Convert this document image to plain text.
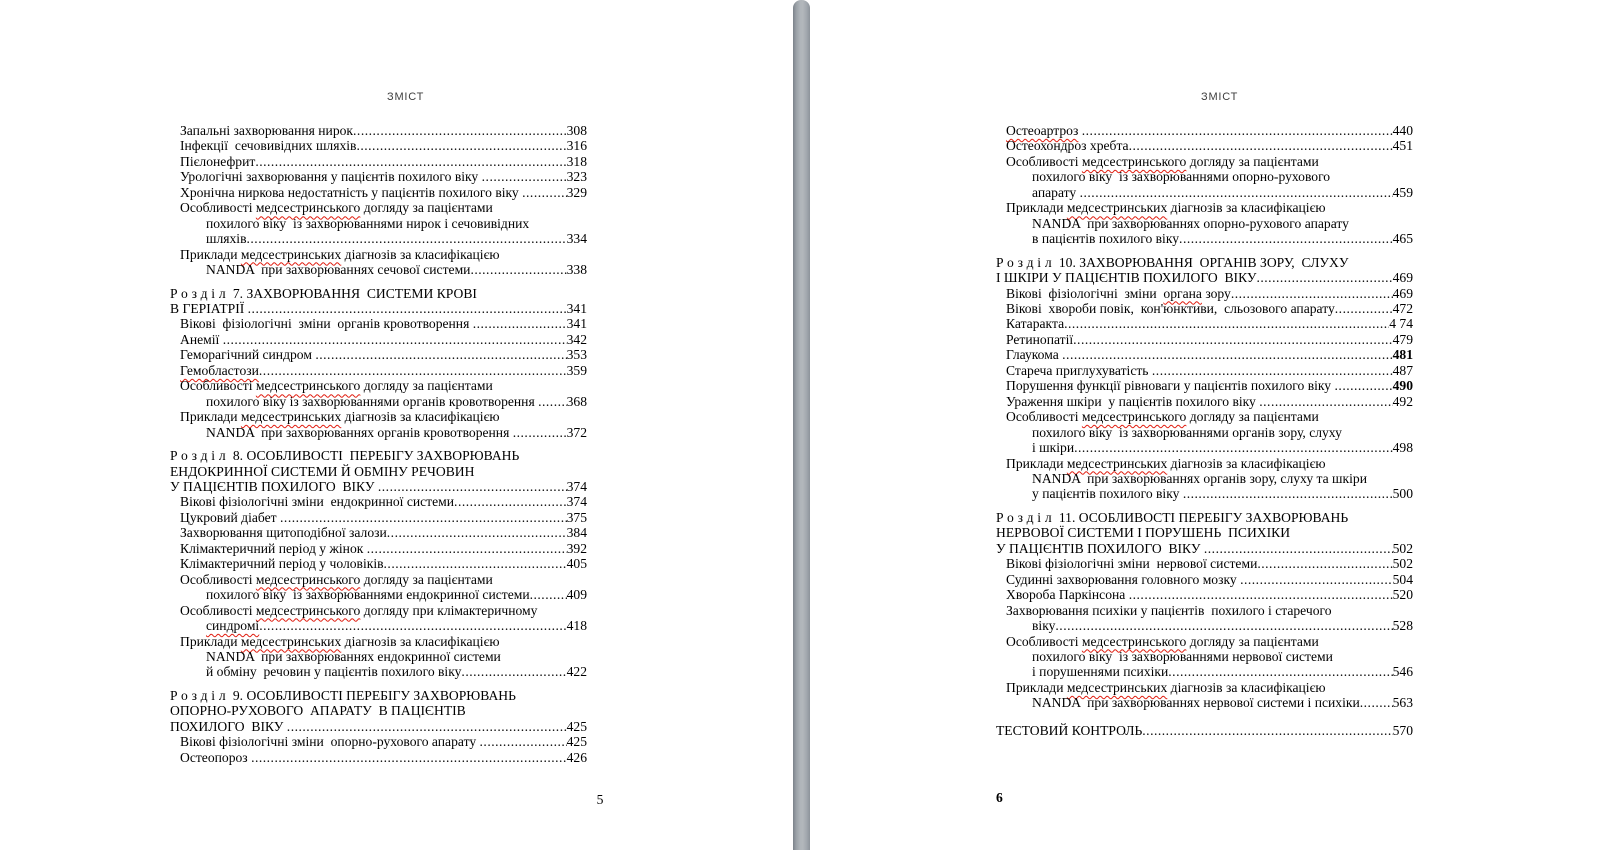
ЗМІСТ	ЗМІСТ
Запальні захворювання нирок .....	308
Інфекції  сечовивідних шляхів .....	316
Пієлонефрит .....	318
Урологічні захворювання у пацієнтів похилого віку .....	323
Хронічна ниркова недостатність у пацієнтів похилого віку .....	329
Особливості медсестринського догляду за пацієнтами
похилого віку  із захворюваннями нирок і сечовивідних
шляхів .....	334
Приклади медсестринських діагнозів за класифікацією
NANDA  при захворюваннях сечової системи .....	338
Розділ 7. ЗАХВОРЮВАННЯ  СИСТЕМИ КРОВІ
В ГЕРІАТРІЇ .....	341
Вікові  фізіологічні  зміни  органів кровотворення .....	341
Анемії .....	342
Геморагічний синдром .....	353
Гемобластози .....	359
Особливості медсестринського догляду за пацієнтами
похилого віку із захворюваннями органів кровотворення ..... 368
Приклади медсестринських діагнозів за класифікацією
NANDA  при захворюваннях органів кровотворення .....	372
Розділ 8. ОСОБЛИВОСТІ  ПЕРЕБІГУ ЗАХВОРЮВАНЬ
ЕНДОКРИННОЇ СИСТЕМИ Й ОБМІНУ РЕЧОВИН
У ПАЦІЄНТІВ ПОХИЛОГО  ВІКУ .....	374
Вікові фізіологічні зміни  ендокринної системи .....	374
Цукровий діабет .....	375
Захворювання щитоподібної залози .....	384
Клімактеричний період у жінок .....	392
Клімактеричний період у чоловіків .....	405
Особливості медсестринського догляду за пацієнтами
похилого віку  із захворюваннями ендокринної системи .....	409
Особливості медсестринського догляду при клімактеричному
синдромі .....	418
Приклади медсестринських діагнозів за класифікацією
NANDA  при захворюваннях ендокринної системи
й обміну  речовин у пацієнтів похилого віку .....	422
Розділ 9. ОСОБЛИВОСТІ ПЕРЕБІГУ ЗАХВОРЮВАНЬ
ОПОРНО-РУХОВОГО  АПАРАТУ  В ПАЦІЄНТІВ
ПОХИЛОГО  ВІКУ .....	425
Вікові фізіологічні зміни  опорно-рухового апарату .....	425
Остеопороз .....	426
Остеоартроз .....	440
Остеохондроз хребта .....	451
Особливості медсестринського догляду за пацієнтами
похилого віку  із захворюваннями опорно-рухового
апарату .....	459
Приклади медсестринських діагнозів за класифікацією
NANDA  при захворюваннях опорно-рухового апарату
в пацієнтів похилого віку .....	465
Розділ 10. ЗАХВОРЮВАННЯ  ОРГАНІВ ЗОРУ,  СЛУХУ
І ШКІРИ У ПАЦІЄНТІВ ПОХИЛОГО  ВІКУ .....	469
Вікові  фізіологічні  зміни  органа зору .....	469
Вікові  хвороби повік,  кон'юнктиви,  сльозового апарату .....	472
Катаракта .....	4 74
Ретинопатії .....	479
Глаукома .....	481
Стареча приглухуватість .....	487
Порушення функції рівноваги у пацієнтів похилого віку .....	490
Ураження шкіри  у пацієнтів похилого віку .....	492
Особливості медсестринського догляду за пацієнтами
похилого віку  із захворюваннями органів зору, слуху
і шкіри .....	498
Приклади медсестринських діагнозів за класифікацією
NANDA  при захворюваннях органів зору, слуху та шкіри
у пацієнтів похилого віку .....	500
Розділ 11. ОСОБЛИВОСТІ ПЕРЕБІГУ ЗАХВОРЮВАНЬ
НЕРВОВОЇ СИСТЕМИ І ПОРУШЕНЬ  ПСИХІКИ
У ПАЦІЄНТІВ ПОХИЛОГО  ВІКУ .....	502
Вікові фізіологічні зміни  нервової системи .....	502
Судинні захворювання головного мозку .....	504
Хвороба Паркінсона .....	520
Захворювання психіки у пацієнтів  похилого і старечого
віку .....	528
Особливості медсестринського догляду за пацієнтами
похилого віку  із захворюваннями нервової системи
і порушеннями психіки .....	546
Приклади медсестринських діагнозів за класифікацією
NANDA  при захворюваннях нервової системи і психіки ..... 563
ТЕСТОВИЙ КОНТРОЛЬ .....	570
5	6
